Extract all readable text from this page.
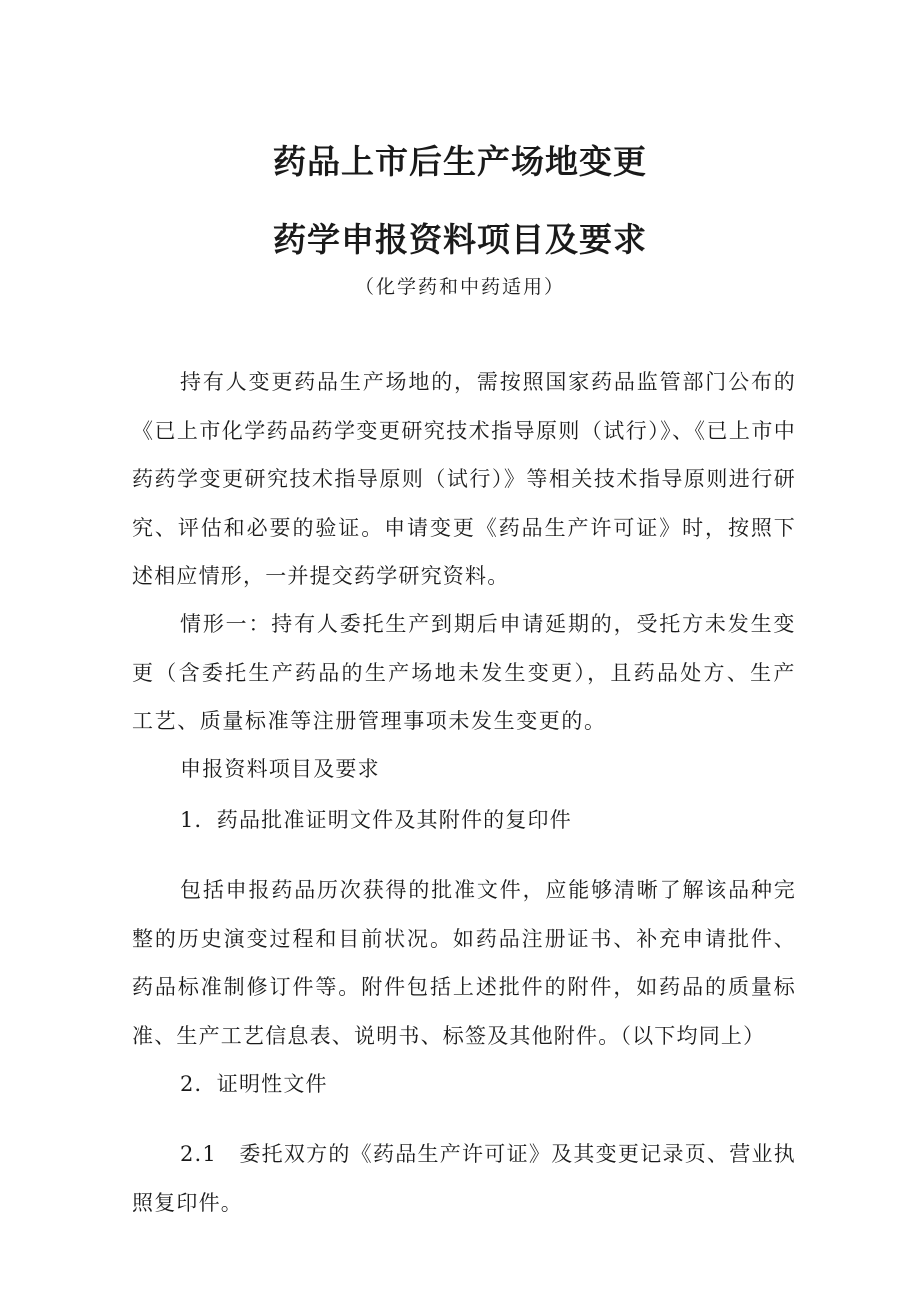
药品上市后生产场地变更
药学申报资料项目及要求

（化学药和中药适用）

持有人变更药品生产场地的，需按照国家药品监管部门公布的《已上市化学药品药学变更研究技术指导原则（试行）》、《已上市中药药学变更研究技术指导原则（试行）》等相关技术指导原则进行研究、评估和必要的验证。申请变更《药品生产许可证》时，按照下述相应情形，一并提交药学研究资料。

情形一：持有人委托生产到期后申请延期的，受托方未发生变更（含委托生产药品的生产场地未发生变更），且药品处方、生产工艺、质量标准等注册管理事项未发生变更的。

申报资料项目及要求

1．药品批准证明文件及其附件的复印件

包括申报药品历次获得的批准文件，应能够清晰了解该品种完整的历史演变过程和目前状况。如药品注册证书、补充申请批件、药品标准制修订件等。附件包括上述批件的附件，如药品的质量标准、生产工艺信息表、说明书、标签及其他附件。（以下均同上）

2．证明性文件

2.1　委托双方的《药品生产许可证》及其变更记录页、营业执照复印件。
